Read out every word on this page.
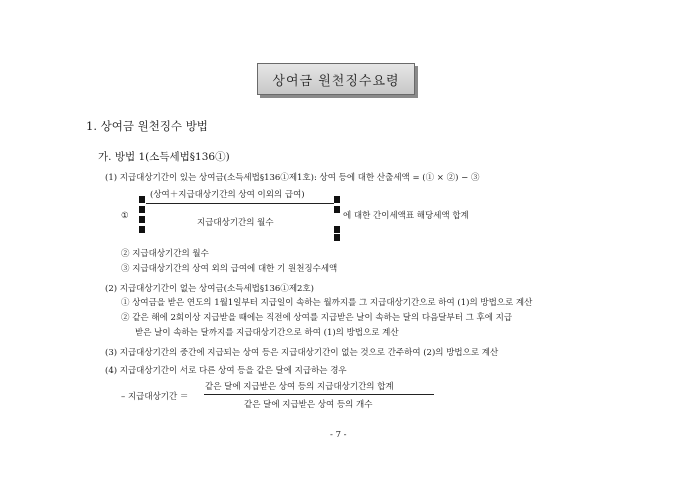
상여금 원천징수요령
1. 상여금 원천징수 방법
가. 방법 1(소득세법§136①)
(1) 지급대상기간이 있는 상여금(소득세법§136①제1호): 상여 등에 대한 산출세액 = (① × ②) − ③
(상여＋지급대상기간의 상여 이외의 급여)
①	에 대한 간이세액표 해당세액 합계
지급대상기간의 월수
② 지급대상기간의 월수
③ 지급대상기간의 상여 외의 급여에 대한 기 원천징수세액
(2) 지급대상기간이 없는 상여금(소득세법§136①제2호)
① 상여금을 받은 연도의 1월1일부터 지급일이 속하는 월까지를 그 지급대상기간으로 하여 (1)의 방법으로 계산
② 같은 해에 2회이상 지급받을 때에는 직전에 상여를 지급받은 날이 속하는 달의 다음달부터 그 후에 지급
받은 날이 속하는 달까지를 지급대상기간으로 하여 (1)의 방법으로 계산
(3) 지급대상기간의 중간에 지급되는 상여 등은 지급대상기간이 없는 것으로 간주하여 (2)의 방법으로 계산
(4) 지급대상기간이 서로 다른 상여 등을 같은 달에 지급하는 경우
– 지급대상기간 ＝
같은 달에 지급받은 상여 등의 지급대상기간의 합계
같은 달에 지급받은 상여 등의 개수
- 7 -
